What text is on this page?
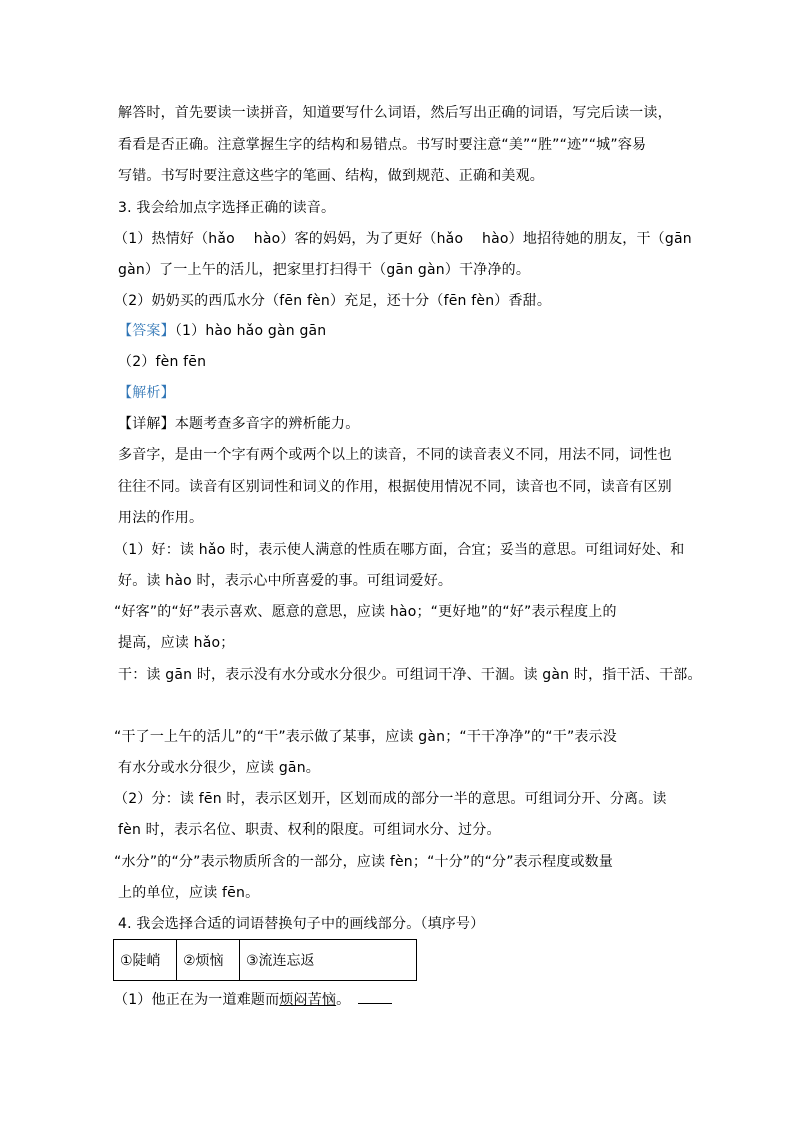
解答时，首先要读一读拼音，知道要写什么词语，然后写出正确的词语，写完后读一读，
看看是否正确。注意掌握生字的结构和易错点。书写时要注意“美”“胜”“迹”“城”容易
写错。书写时要注意这些字的笔画、结构，做到规范、正确和美观。
3. 我会给加点字选择正确的读音。
（1）热情好（hǎo　 hào）客的妈妈，为了更好（hǎo　 hào）地招待她的朋友，干（gān
gàn）了一上午的活儿，把家里打扫得干（gān gàn）干净净的。
（2）奶奶买的西瓜水分（fēn fèn）充足，还十分（fēn fèn）香甜。
【答案】（1）hào hǎo gàn gān
（2）fèn fēn
【解析】
【详解】本题考查多音字的辨析能力。
多音字，是由一个字有两个或两个以上的读音，不同的读音表义不同，用法不同，词性也
往往不同。读音有区别词性和词义的作用，根据使用情况不同，读音也不同，读音有区别
用法的作用。
（1）好：读 hǎo 时，表示使人满意的性质在哪方面，合宜；妥当的意思。可组词好处、和
好。读 hào 时，表示心中所喜爱的事。可组词爱好。
“好客”的“好”表示喜欢、愿意的意思，应读 hào；“更好地”的“好”表示程度上的
提高，应读 hǎo；
干：读 gān 时，表示没有水分或水分很少。可组词干净、干涸。读 gàn 时，指干活、干部。
“干了一上午的活儿”的“干”表示做了某事，应读 gàn；“干干净净”的“干”表示没
有水分或水分很少，应读 gān。
（2）分：读 fēn 时，表示区划开，区划而成的部分一半的意思。可组词分开、分离。读
fèn 时，表示名位、职责、权利的限度。可组词水分、过分。
“水分”的“分”表示物质所含的一部分，应读 fèn；“十分”的“分”表示程度或数量
上的单位，应读 fēn。
4. 我会选择合适的词语替换句子中的画线部分。（填序号）
①陡峭	②烦恼	③流连忘返
（1）他正在为一道难题而烦闷苦恼。
